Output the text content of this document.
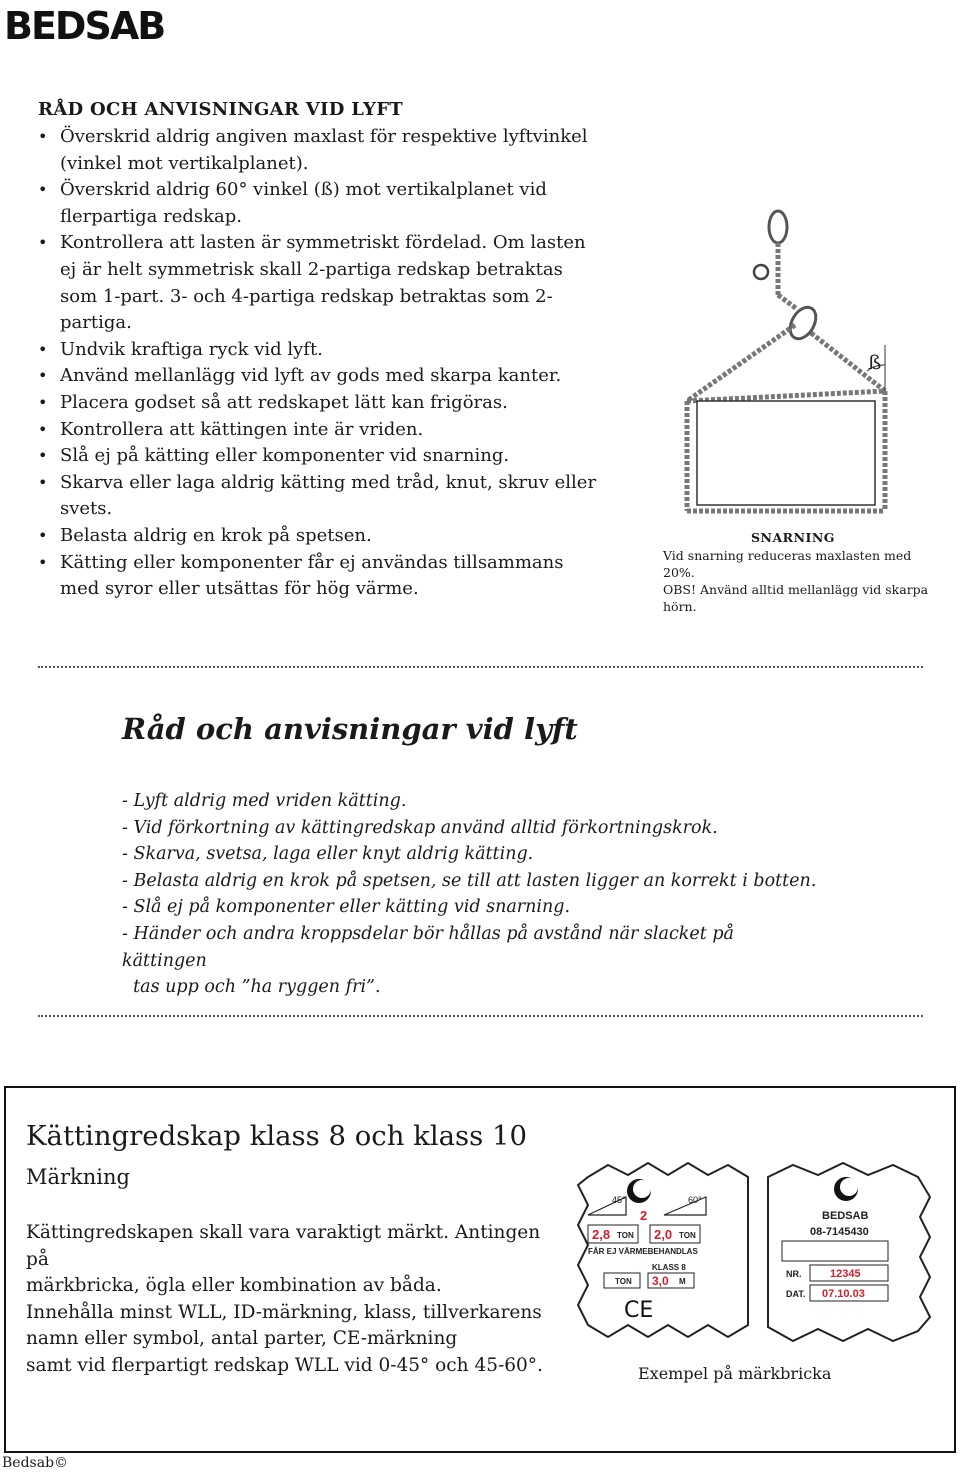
BEDSAB
RÅD OCH ANVISNINGAR VID LYFT
• Överskrid aldrig angiven maxlast för respektive lyftvinkel (vinkel mot vertikalplanet).
• Överskrid aldrig 60° vinkel (ß) mot vertikalplanet vid flerpartiga redskap.
• Kontrollera att lasten är symmetriskt fördelad. Om lasten ej är helt symmetrisk skall 2-partiga redskap betraktas som 1-part. 3- och 4-partiga redskap betraktas som 2-partiga.
• Undvik kraftiga ryck vid lyft.
• Använd mellanlägg vid lyft av gods med skarpa kanter.
• Placera godset så att redskapet lätt kan frigöras.
• Kontrollera att kättingen inte är vriden.
• Slå ej på kätting eller komponenter vid snarning.
• Skarva eller laga aldrig kätting med tråd, knut, skruv eller svets.
• Belasta aldrig en krok på spetsen.
• Kätting eller komponenter får ej användas tillsammans med syror eller utsättas för hög värme.
ß
SNARNING
Vid snarning reduceras maxlasten med 20%.
OBS! Använd alltid mellanlägg vid skarpa
hörn.
Råd och anvisningar vid lyft
- Lyft aldrig med vriden kätting.
- Vid förkortning av kättingredskap använd alltid förkortningskrok.
- Skarva, svetsa, laga eller knyt aldrig kätting.
- Belasta aldrig en krok på spetsen, se till att lasten ligger an korrekt i botten.
- Slå ej på komponenter eller kätting vid snarning.
- Händer och andra kroppsdelar bör hållas på avstånd när slacket på kättingen
tas upp och ”ha ryggen fri”.
Kättingredskap klass 8 och klass 10
Märkning
Kättingredskapen skall vara varaktigt märkt. Antingen på
märkbricka, ögla eller kombination av båda.
Innehålla minst WLL, ID-märkning, klass, tillverkarens
namn eller symbol, antal parter, CE-märkning
samt vid flerpartigt redskap WLL vid 0-45° och 45-60°.
45°	60°
2
2,8 TON 2,0 TON
FÅR EJ VÄRMEBEHANDLAS
KLASS 8
TON 3,0 M
CE
BEDSAB
08-7145430
NR.	12345
DAT. 07.10.03
Exempel på märkbricka
Bedsab©
